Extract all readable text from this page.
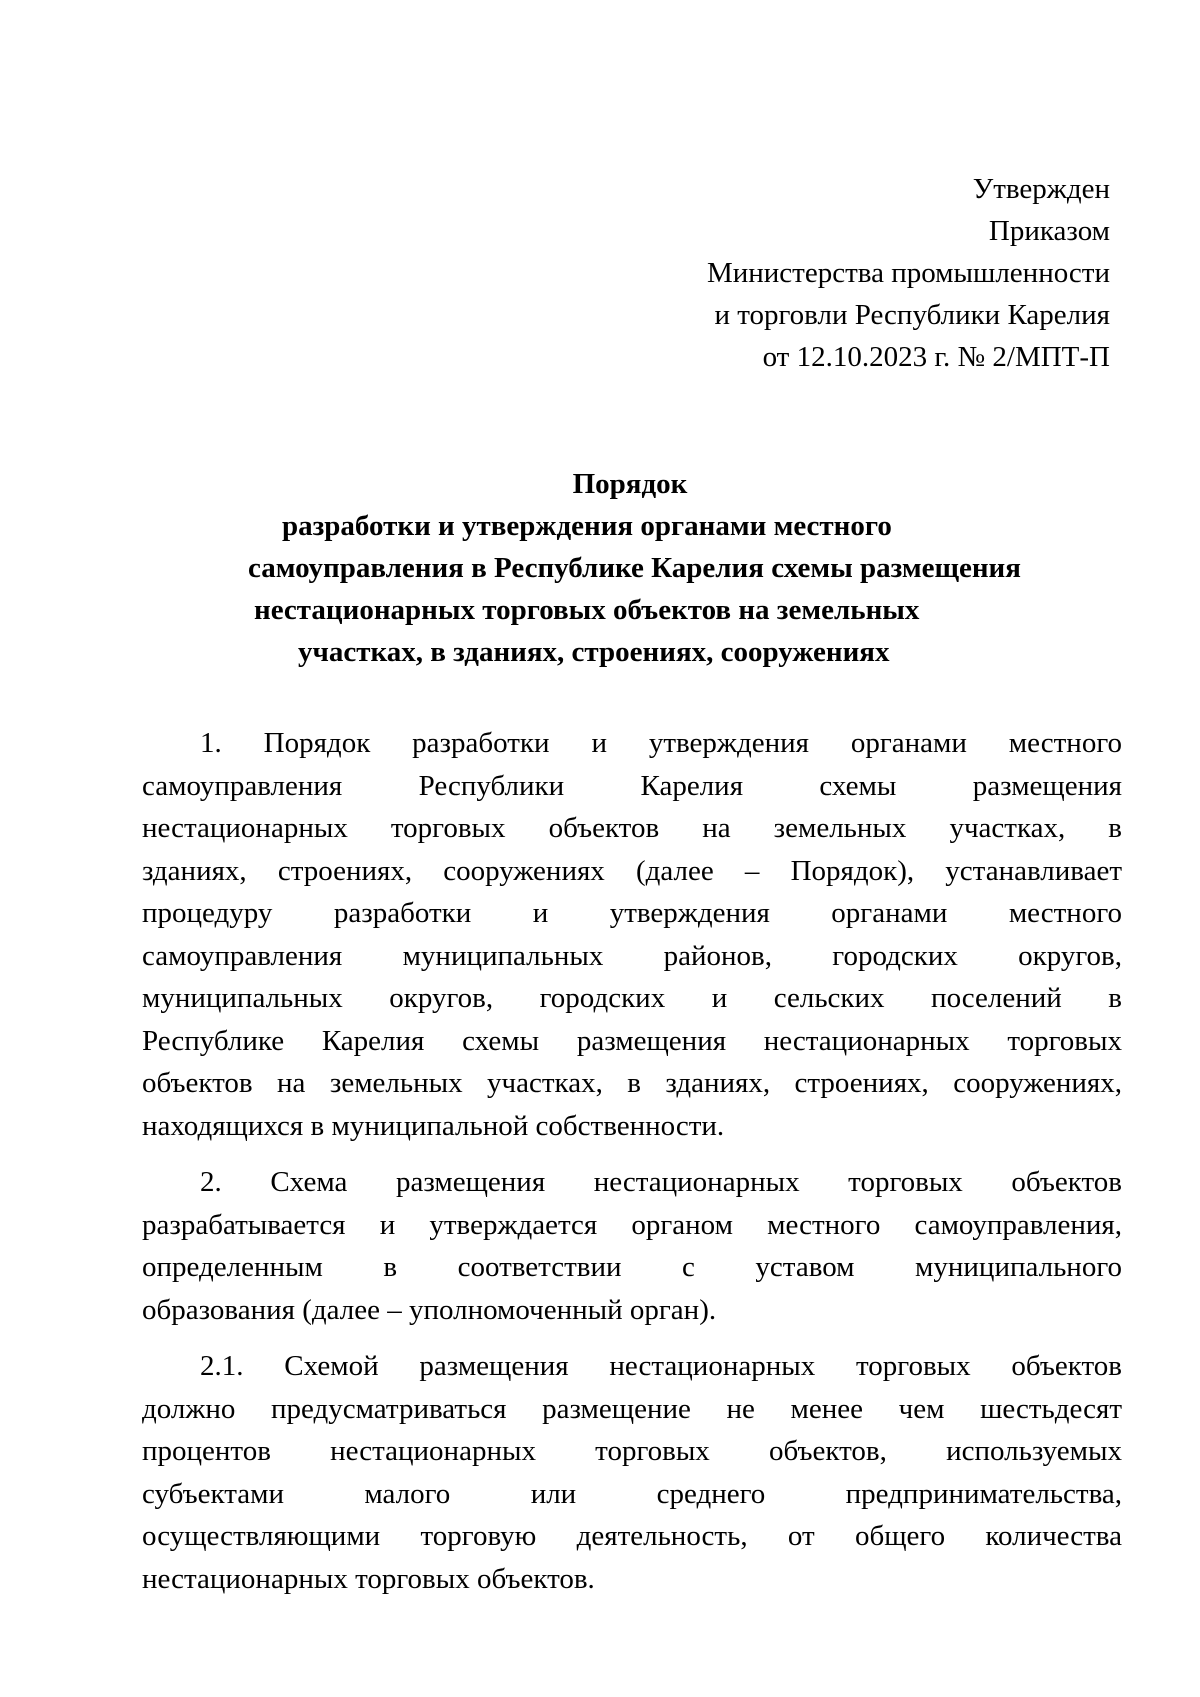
Утвержден
Приказом
Министерства промышленности
и торговли Республики Карелия
от 12.10.2023 г. № 2/МПТ-П
Порядок
разработки и утверждения органами местного
самоуправления в Республике Карелия схемы размещения
нестационарных торговых объектов на земельных
участках, в зданиях, строениях, сооружениях
1. Порядок разработки и утверждения органами местного
самоуправления Республики Карелия схемы размещения
нестационарных торговых объектов на земельных участках, в
зданиях, строениях, сооружениях (далее – Порядок), устанавливает
процедуру разработки и утверждения органами местного
самоуправления муниципальных районов, городских округов,
муниципальных округов, городских и сельских поселений в
Республике Карелия схемы размещения нестационарных торговых
объектов на земельных участках, в зданиях, строениях, сооружениях,
находящихся в муниципальной собственности.
2. Схема размещения нестационарных торговых объектов
разрабатывается и утверждается органом местного самоуправления,
определенным в соответствии с уставом муниципального
образования (далее – уполномоченный орган).
2.1. Схемой размещения нестационарных торговых объектов
должно предусматриваться размещение не менее чем шестьдесят
процентов нестационарных торговых объектов, используемых
субъектами малого или среднего предпринимательства,
осуществляющими торговую деятельность, от общего количества
нестационарных торговых объектов.
